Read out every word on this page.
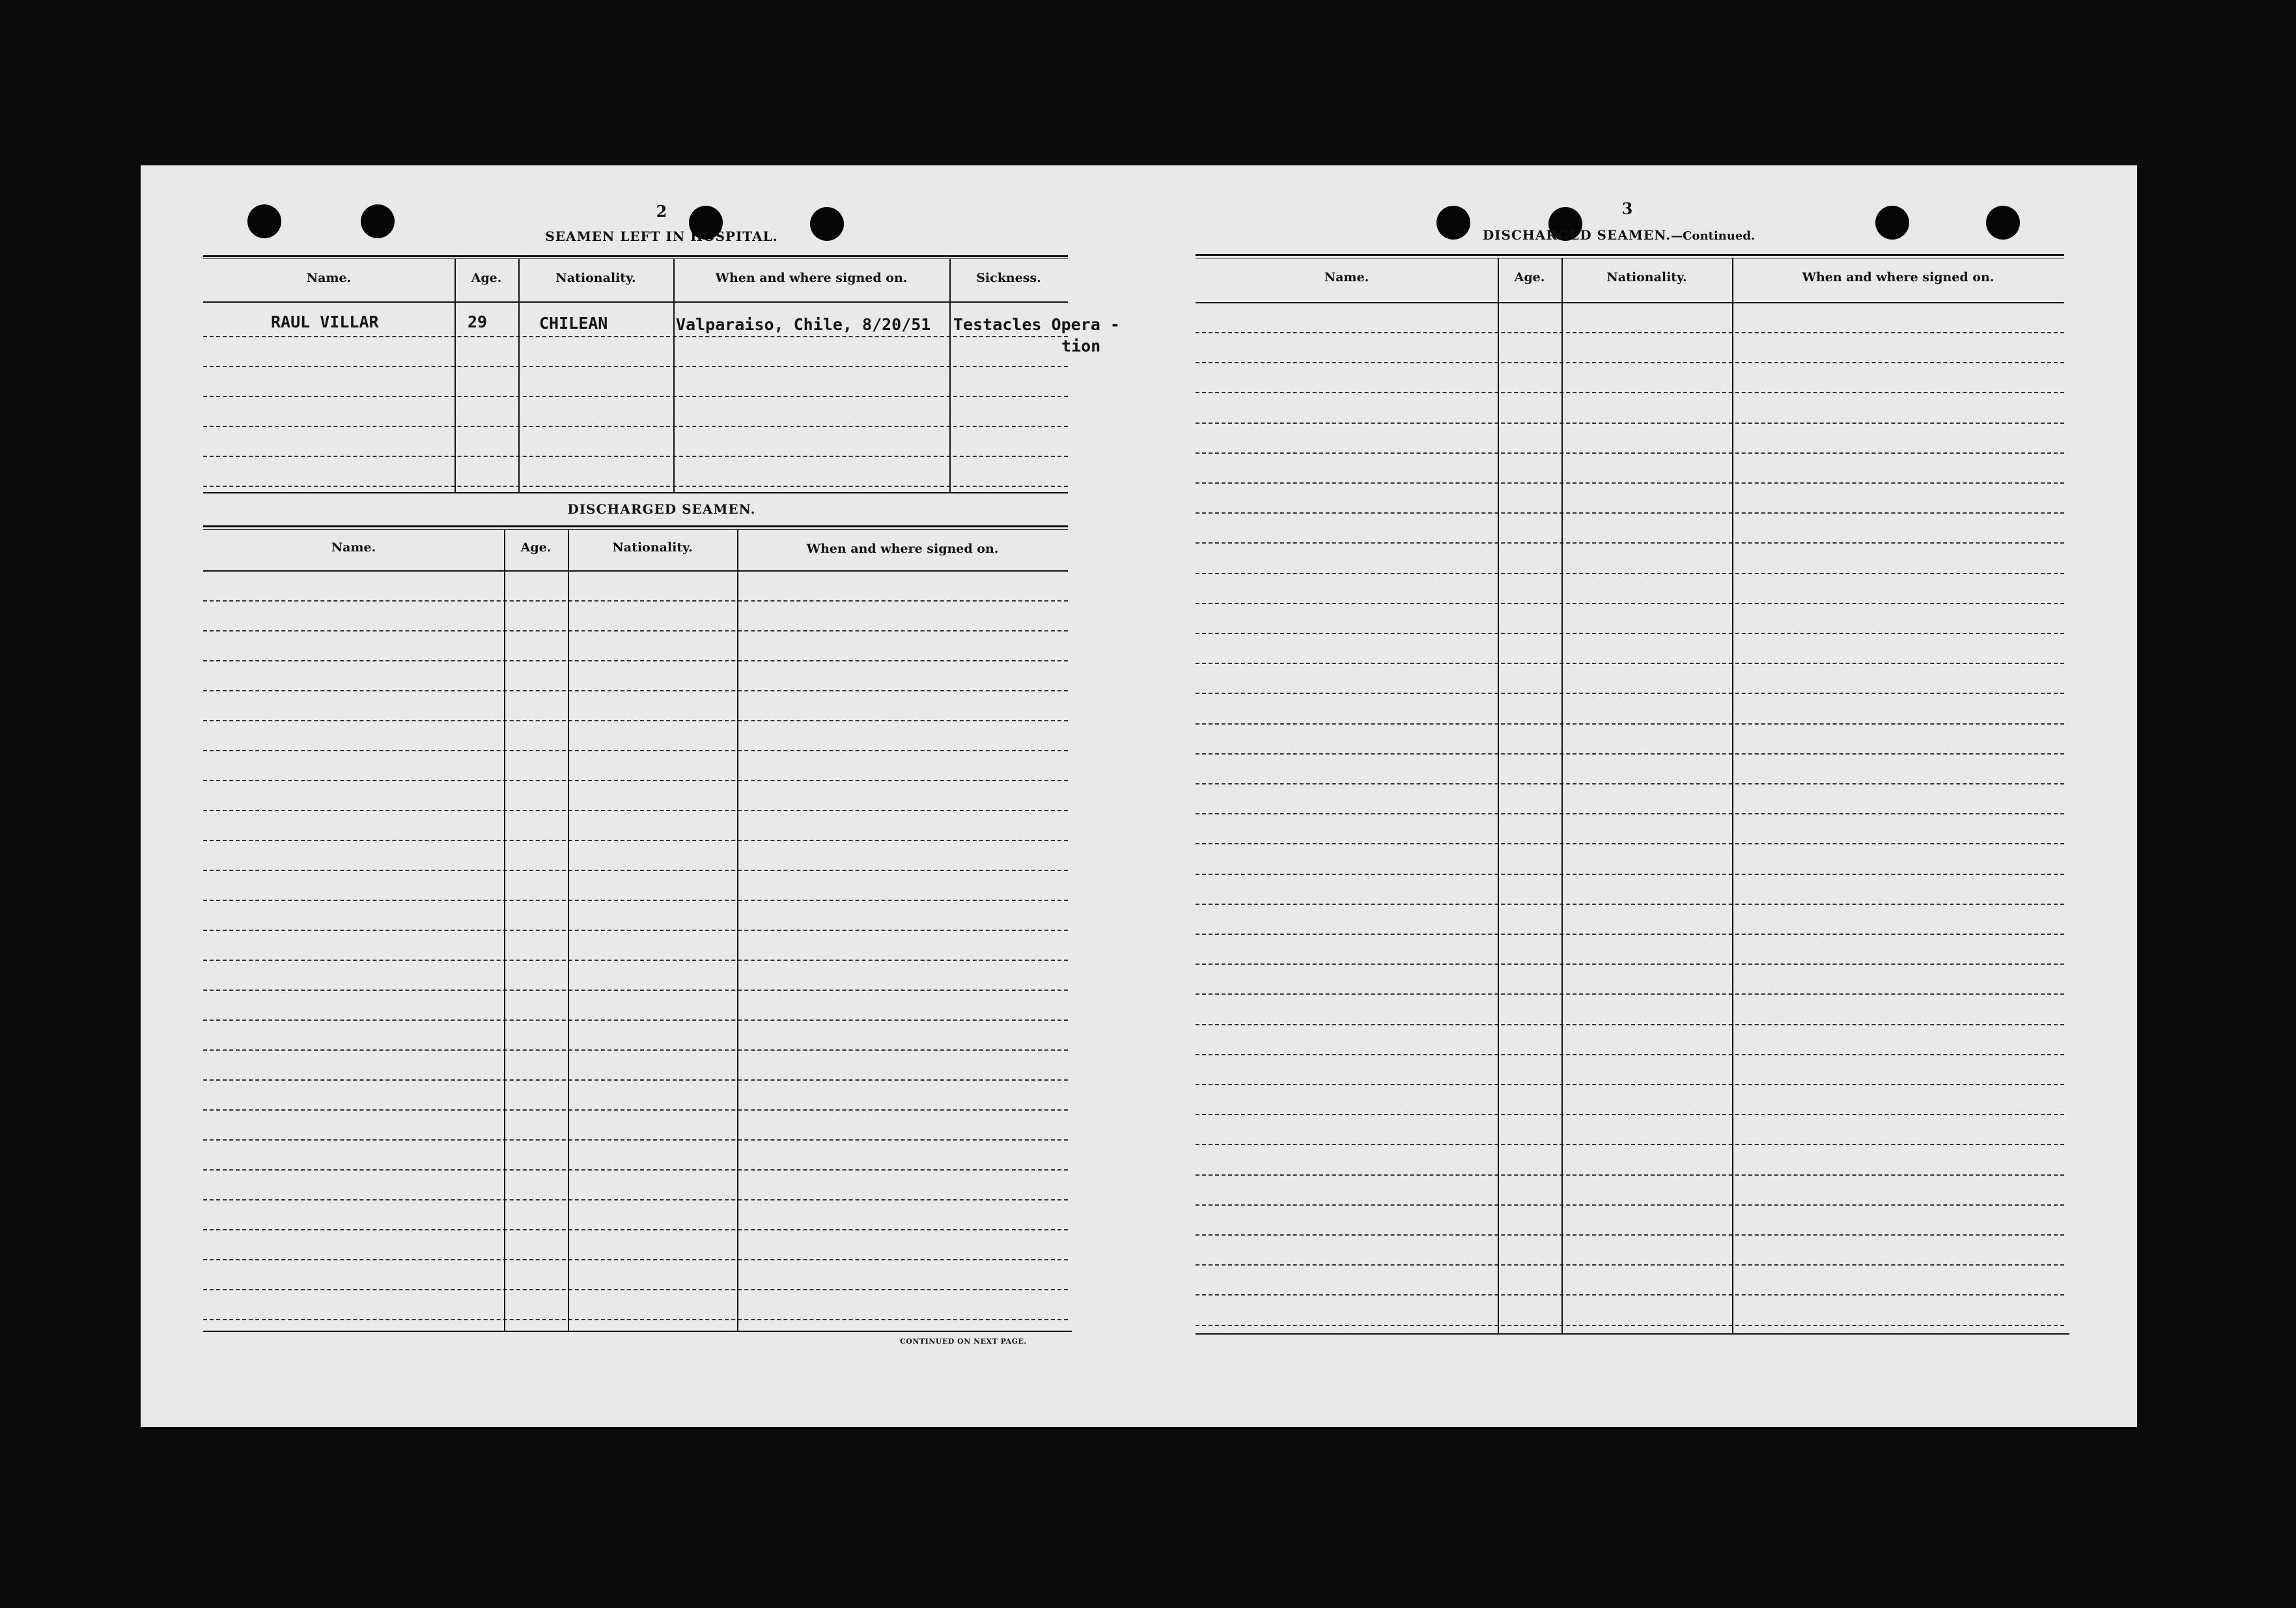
2
SEAMEN LEFT IN HOSPITAL.
Name.	Age.	Nationality.	When and where signed on.	Sickness.
RAUL VILLAR	29	CHILEAN	Valparaiso, Chile, 8/20/51 Testacles Opera -
tion
DISCHARGED SEAMEN.
Name.	Age.	Nationality.	When and where signed on.
CONTINUED ON NEXT PAGE.
3
DISCHARGED SEAMEN.—Continued.
Name.	Age.	Nationality.	When and where signed on.
